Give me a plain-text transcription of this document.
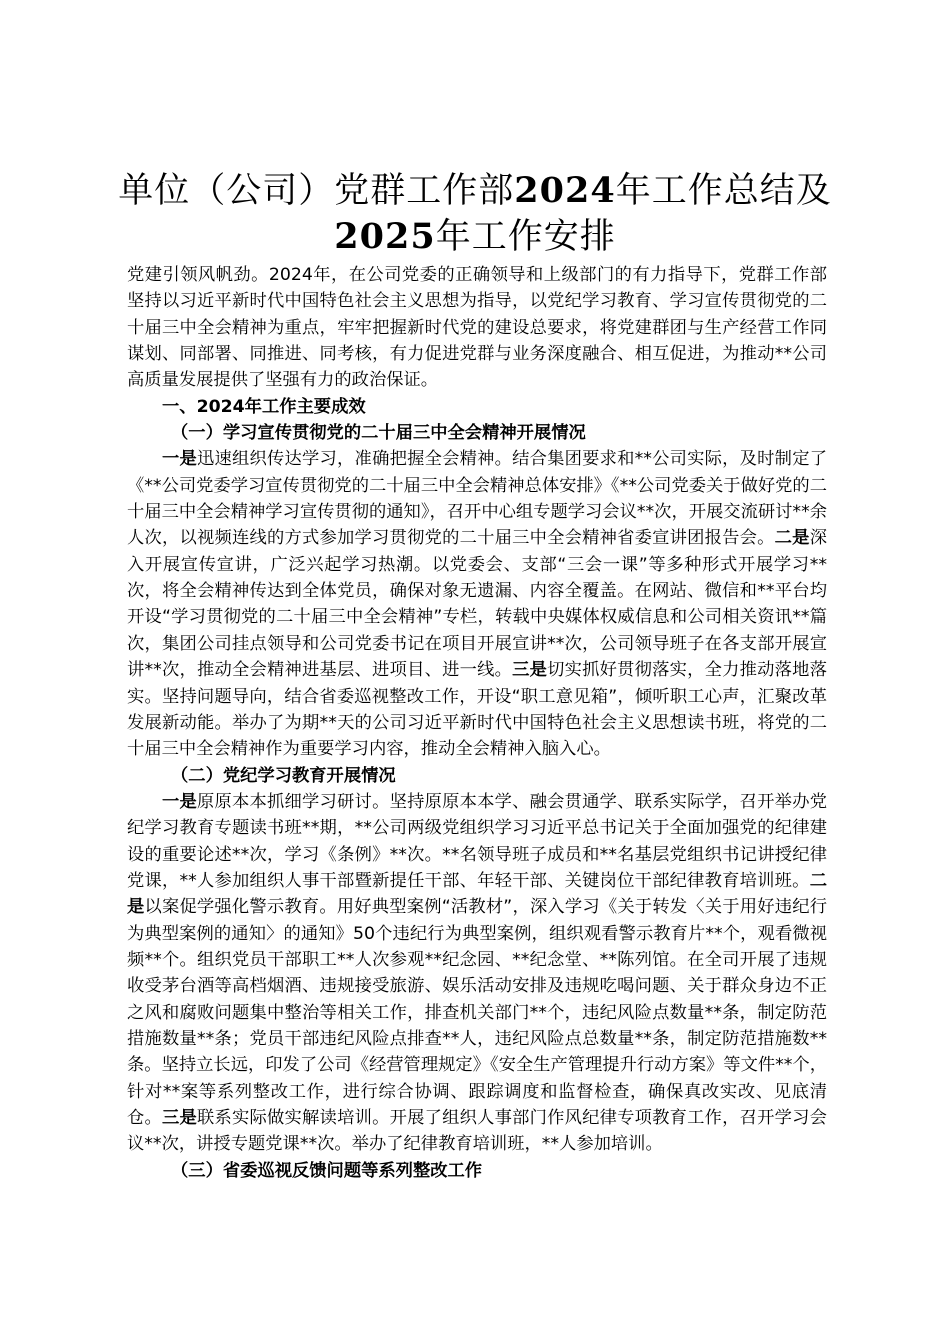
单位（公司）党群工作部2024年工作总结及
2025年工作安排

党建引领风帆劲。2024年，在公司党委的正确领导和上级部门的有力指导下，党群工作部坚持以习近平新时代中国特色社会主义思想为指导，以党纪学习教育、学习宣传贯彻党的二十届三中全会精神为重点，牢牢把握新时代党的建设总要求，将党建群团与生产经营工作同谋划、同部署、同推进、同考核，有力促进党群与业务深度融合、相互促进，为推动**公司高质量发展提供了坚强有力的政治保证。

一、2024年工作主要成效

（一）学习宣传贯彻党的二十届三中全会精神开展情况

一是迅速组织传达学习，准确把握全会精神。结合集团要求和**公司实际，及时制定了《**公司党委学习宣传贯彻党的二十届三中全会精神总体安排》《**公司党委关于做好党的二十届三中全会精神学习宣传贯彻的通知》，召开中心组专题学习会议**次，开展交流研讨**余人次，以视频连线的方式参加学习贯彻党的二十届三中全会精神省委宣讲团报告会。二是深入开展宣传宣讲，广泛兴起学习热潮。以党委会、支部“三会一课”等多种形式开展学习**次，将全会精神传达到全体党员，确保对象无遗漏、内容全覆盖。在网站、微信和**平台均开设“学习贯彻党的二十届三中全会精神”专栏，转载中央媒体权威信息和公司相关资讯**篇次，集团公司挂点领导和公司党委书记在项目开展宣讲**次，公司领导班子在各支部开展宣讲**次，推动全会精神进基层、进项目、进一线。三是切实抓好贯彻落实，全力推动落地落实。坚持问题导向，结合省委巡视整改工作，开设“职工意见箱”，倾听职工心声，汇聚改革发展新动能。举办了为期**天的公司习近平新时代中国特色社会主义思想读书班，将党的二十届三中全会精神作为重要学习内容，推动全会精神入脑入心。

（二）党纪学习教育开展情况

一是原原本本抓细学习研讨。坚持原原本本学、融会贯通学、联系实际学，召开举办党纪学习教育专题读书班**期，**公司两级党组织学习习近平总书记关于全面加强党的纪律建设的重要论述**次，学习《条例》**次。**名领导班子成员和**名基层党组织书记讲授纪律党课，**人参加组织人事干部暨新提任干部、年轻干部、关键岗位干部纪律教育培训班。二是以案促学强化警示教育。用好典型案例“活教材”，深入学习《关于转发〈关于用好违纪行为典型案例的通知〉的通知》50个违纪行为典型案例，组织观看警示教育片**个，观看微视频**个。组织党员干部职工**人次参观**纪念园、**纪念堂、**陈列馆。在全司开展了违规收受茅台酒等高档烟酒、违规接受旅游、娱乐活动安排及违规吃喝问题、关于群众身边不正之风和腐败问题集中整治等相关工作，排查机关部门**个，违纪风险点数量**条，制定防范措施数量**条；党员干部违纪风险点排查**人，违纪风险点总数量**条，制定防范措施数**条。坚持立长远，印发了公司《经营管理规定》《安全生产管理提升行动方案》等文件**个，针对**案等系列整改工作，进行综合协调、跟踪调度和监督检查，确保真改实改、见底清仓。三是联系实际做实解读培训。开展了组织人事部门作风纪律专项教育工作，召开学习会议**次，讲授专题党课**次。举办了纪律教育培训班，**人参加培训。

（三）省委巡视反馈问题等系列整改工作
